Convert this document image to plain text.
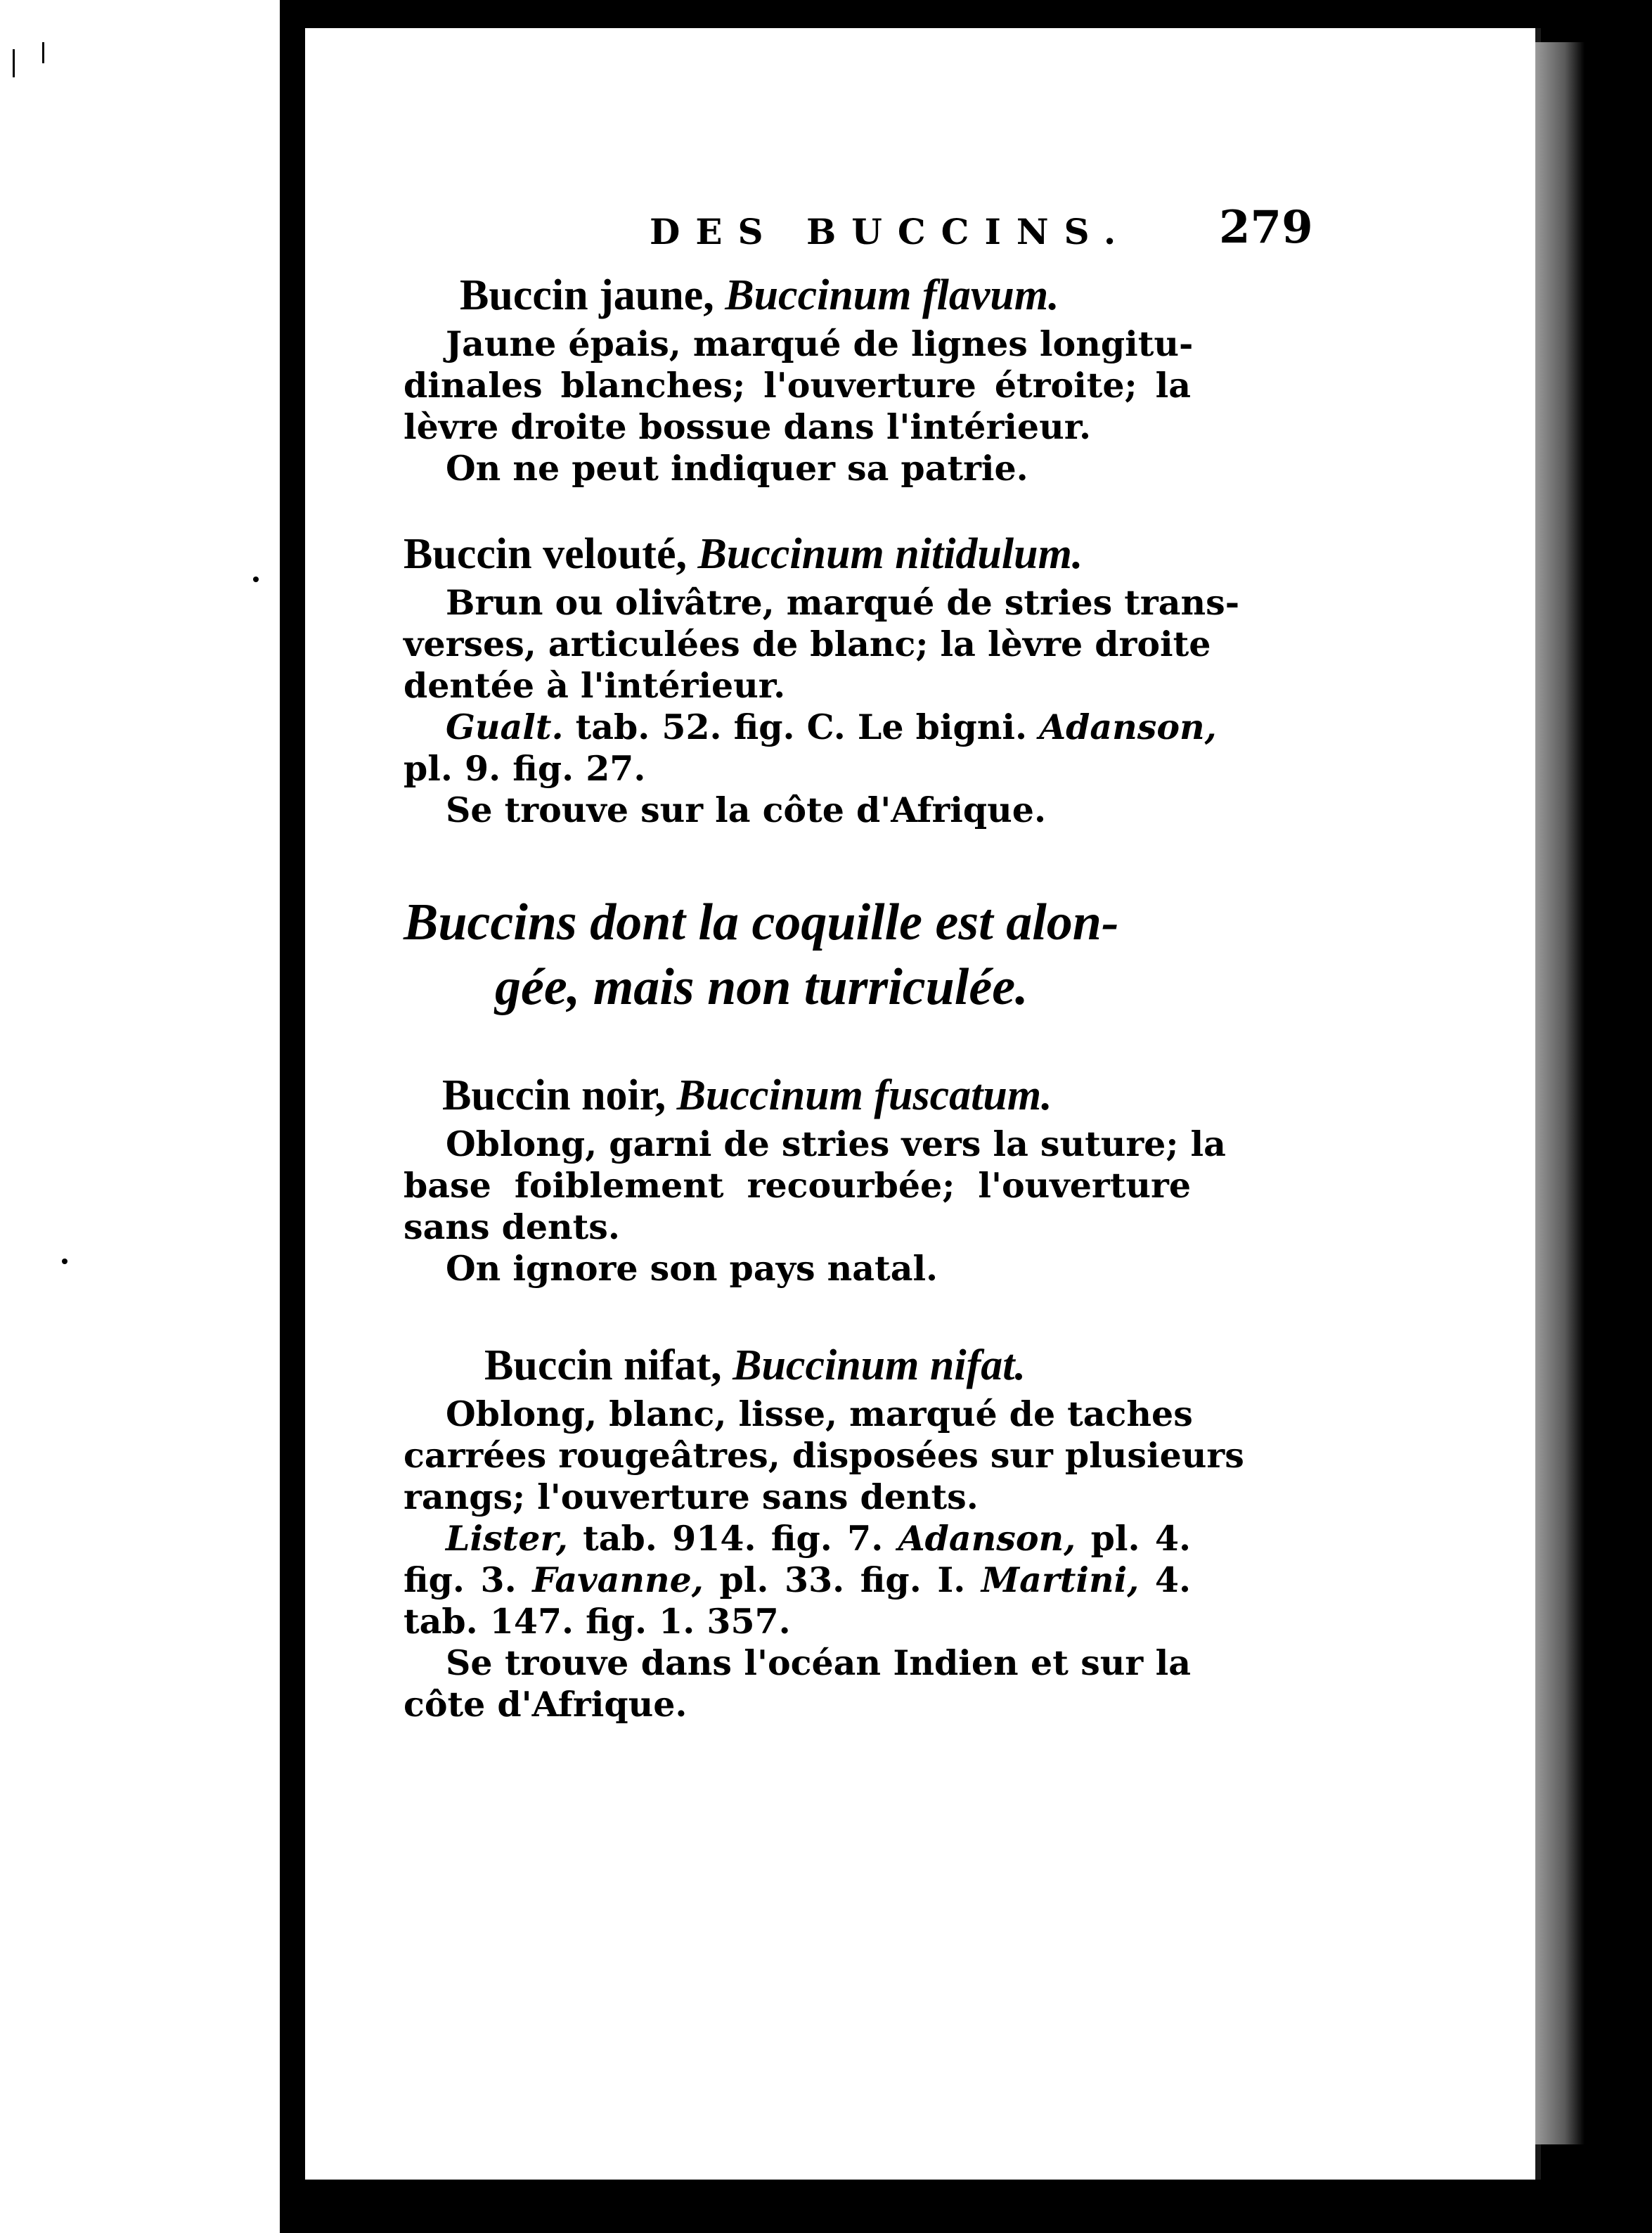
DES BUCCINS. 279

Buccin jaune, Buccinum flavum.

Jaune épais, marqué de lignes longitu-
dinales blanches; l'ouverture étroite; la
lèvre droite bossue dans l'intérieur.
On ne peut indiquer sa patrie.

Buccin velouté, Buccinum nitidulum.

Brun ou olivâtre, marqué de stries trans-
verses, articulées de blanc; la lèvre droite
dentée à l'intérieur.
Gualt. tab. 52. fig. C. Le bigni. Adanson,
pl. 9. fig. 27.
Se trouve sur la côte d'Afrique.

Buccins dont la coquille est alon-
gée, mais non turriculée.

Buccin noir, Buccinum fuscatum.

Oblong, garni de stries vers la suture; la
base foiblement recourbée; l'ouverture
sans dents.
On ignore son pays natal.

Buccin nifat, Buccinum nifat.

Oblong, blanc, lisse, marqué de taches
carrées rougeâtres, disposées sur plusieurs
rangs; l'ouverture sans dents.
Lister, tab. 914. fig. 7. Adanson, pl. 4.
fig. 3. Favanne, pl. 33. fig. I. Martini, 4.
tab. 147. fig. 1. 357.
Se trouve dans l'océan Indien et sur la
côte d'Afrique.
